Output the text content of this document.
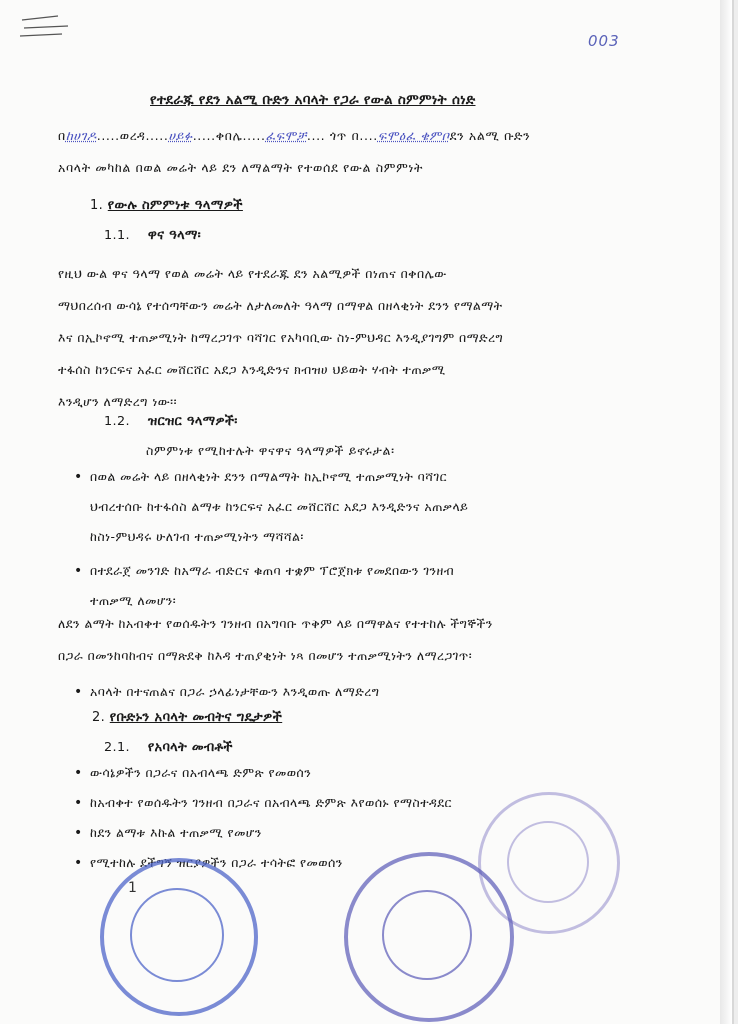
003
የተደራጁ የደን አልሚ ቡድን አባላት የጋራ የውል ስምምነት ሰነድ
በከሀገዶ.....ወረዳ.....ሀይፉ.....ቀበሌ.....ፈፍሞቻ.... ጎጥ በ....ፍሞዕፈ ቄምቦደን አልሚ ቡድን
አባላት መካከል በወል መሬት ላይ ደን ለማልማት የተወሰደ የውል ስምምነት
1. የውሉ ስምምነቱ ዓላማዎች
1.1. ዋና ዓላማ፡
የዚህ ውል ዋና ዓላማ የወል መሬት ላይ የተደራጁ ደን አልሚዎች በነጠና በቀበሌው
ማህበረሰብ ውሳኔ የተሰጣቸውን መሬት ለታለመለት ዓላማ በማዋል በዘላቂነት ደንን የማልማት
እና በኢኮኖሚ ተጠቃሚነት ከማረጋገጥ ባሻገር የአካባቢው ስነ-ምህዳር እንዲያገግም በማድረግ
ተፋሰስ ከንርፍና አፈር መሸርሸር አደጋ እንዲድንና ክብዝሀ ህይወት ሃብት ተጠቃሚ
እንዲሆን ለማድረግ ነው፡፡
1.2. ዝርዝር ዓላማዎች፡
ስምምነቱ የሚከተሉት ዋናዋና ዓላማዎች ይኖሩታል፡
• በወል መሬት ላይ በዘላቂነት ደንን በማልማት ከኢኮኖሚ ተጠቃሚነት ባሻገር
ህብረተሰቡ ከተፋሰስ ልማቱ ከንርፍና አፈር መሸርሸር አደጋ እንዲድንና አጠቃላይ
ከስነ-ምህዳሩ ሁለገብ ተጠቃሚነትን ማሻሻል፡
• በተደራጀ መንገድ ከአማራ ብድርና ቁጠባ ተቋም ፕሮጀክቱ የመደበውን ገንዘብ
ተጠቃሚ ለመሆን፡
ለደን ልማት ከአብቀተ የወሰዱትን ገንዘብ በአግባቡ ጥቅም ላይ በማዋልና የተተከሉ ችግኞችን
በጋራ በመንከባከብና በማጽደቅ ከእዳ ተጠያቂነት ነጻ በመሆን ተጠቃሚነትን ለማረጋገጥ፡
• አባላት በተናጠልና በጋራ ኃላፊነታቸውን እንዲወጡ ለማድረግ
2. የቡድኑን አባላት መብትና ግዴታዎች
2.1. የአባላት መብቶች
• ውሳኔዎችን በጋራና በአብላጫ ድምጽ የመወሰን
• ከአብቀተ የወሰዱትን ገንዘብ በጋራና በአብላጫ ድምጽ እየወሰኑ የማስተዳደር
• ከደን ልማቱ እኩል ተጠቃሚ የመሆን
• የሚተከሉ ደችግኝ ዝርያዎችን በጋራ ተሳትፎ የመወሰን
1
